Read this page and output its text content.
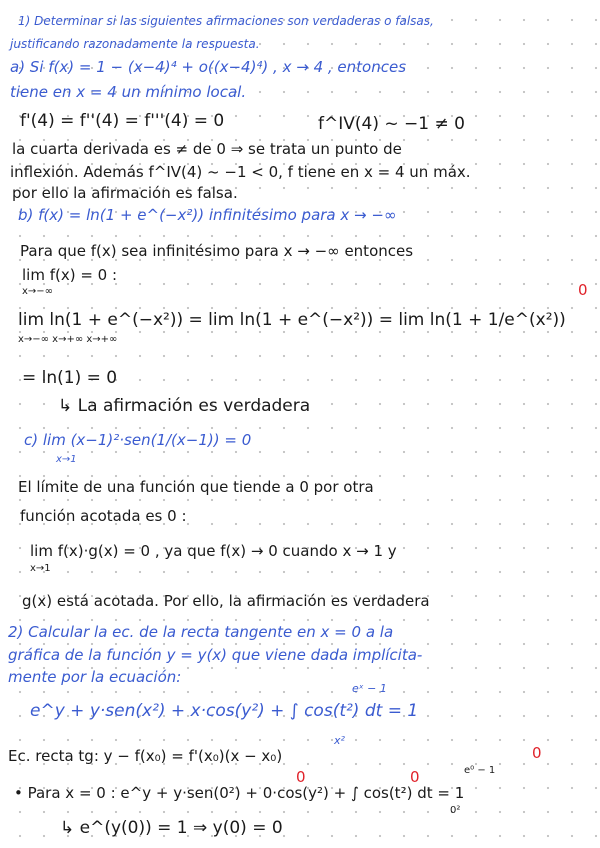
1) Determinar si las siguientes afirmaciones son verdaderas o falsas,
justificando razonadamente la respuesta.
a) Si f(x) = 1 − (x−4)⁴ + o((x−4)⁴) , x → 4 , entonces
tiene en x = 4 un mínimo local.
f'(4) = f''(4) = f'''(4) = 0	f^IV(4) ~ −1 ≠ 0
la cuarta derivada es ≠ de 0 ⇒ se trata un punto de
inflexión. Además f^IV(4) ~ −1 < 0, f tiene en x = 4 un máx.
por ello la afirmación es falsa.
b) f(x) = ln(1 + e^(−x²)) infinitésimo para x → −∞
Para que f(x) sea infinitésimo para x → −∞ entonces
lim f(x) = 0 :
x→−∞
lim ln(1 + e^(−x²)) = lim ln(1 + e^(−x²)) = lim ln(1 + 1/e^(x²))
x→−∞ x→+∞ x→+∞
0
= ln(1) = 0
↳ La afirmación es verdadera
c) lim (x−1)²·sen(1/(x−1)) = 0
x→1
El límite de una función que tiende a 0 por otra
función acotada es 0 :
lim f(x)·g(x) = 0 , ya que f(x) → 0 cuando x → 1 y
x→1
g(x) está acotada. Por ello, la afirmación es verdadera
2) Calcular la ec. de la recta tangente en x = 0 a la
gráfica de la función y = y(x) que viene dada implícita-
mente por la ecuación:
eˣ − 1
e^y + y·sen(x²) + x·cos(y²) + ∫ cos(t²) dt = 1
x²
Ec. recta tg: y − f(x₀) = f'(x₀)(x − x₀)
0	0
0
e⁰ − 1
• Para x = 0 : e^y + y·sen(0²) + 0·cos(y²) + ∫ cos(t²) dt = 1
0²
↳ e^(y(0)) = 1 ⇒ y(0) = 0
